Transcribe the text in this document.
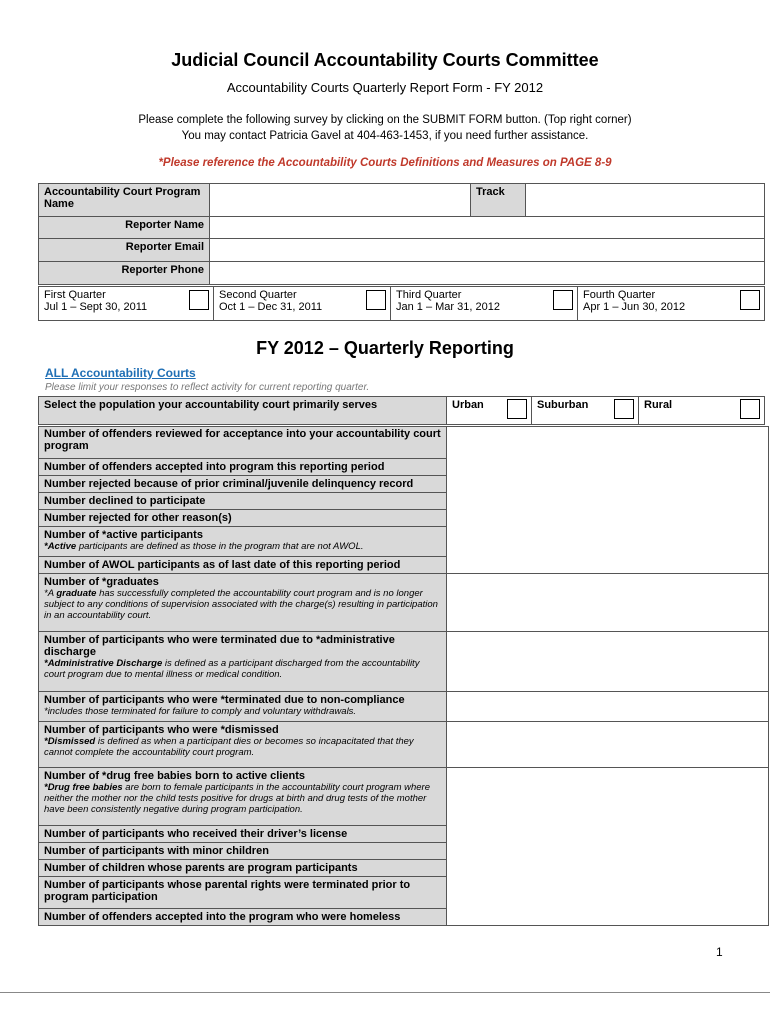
Judicial Council Accountability Courts Committee
Accountability Courts Quarterly Report Form - FY 2012
Please complete the following survey by clicking on the SUBMIT FORM button. (Top right corner)
You may contact Patricia Gavel at 404-463-1453, if you need further assistance.
*Please reference the Accountability Courts Definitions and Measures on PAGE 8-9
Accountability Court Program Name		Track	
Reporter Name			
Reporter Email			
Reporter Phone			
First Quarter
Jul 1 – Sept 30, 2011

Second Quarter
Oct 1 – Dec 31, 2011

Third Quarter
Jan 1 – Mar 31, 2012

Fourth Quarter
Apr 1 – Jun 30, 2012

FY 2012 – Quarterly Reporting
ALL Accountability Courts
Please limit your responses to reflect activity for current reporting quarter.
Select the population your accountability court primarily serves	Urban		Suburban		Rural	
Number of offenders reviewed for acceptance into your accountability court program	
Number of offenders accepted into program this reporting period	
Number rejected because of prior criminal/juvenile delinquency record	
Number declined to participate	
Number rejected for other reason(s)	

Number of *active participants
*Active participants are defined as those in the program that are not AWOL.	

Number of AWOL participants as of last date of this reporting period	

Number of *graduates
*A graduate has successfully completed the accountability court program and is no longer subject to any conditions of supervision associated with the charge(s) resulting in participation in an accountability court.	

Number of participants who were terminated due to *administrative discharge
*Administrative Discharge is defined as a participant discharged from the accountability court program due to mental illness or medical condition.	

Number of participants who were *terminated due to non-compliance
*includes those terminated for failure to comply and voluntary withdrawals.	

Number of participants who were *dismissed
*Dismissed is defined as when a participant dies or becomes so incapacitated that they cannot complete the accountability court program.	

Number of *drug free babies born to active clients
*Drug free babies are born to female participants in the accountability court program where neither the mother nor the child tests positive for drugs at birth and drug tests of the mother have been consistently negative during program participation.	

Number of participants who received their driver’s license	
Number of participants with minor children	
Number of children whose parents are program participants	
Number of participants whose parental rights were terminated prior to program participation	
Number of offenders accepted into the program who were homeless	
1
